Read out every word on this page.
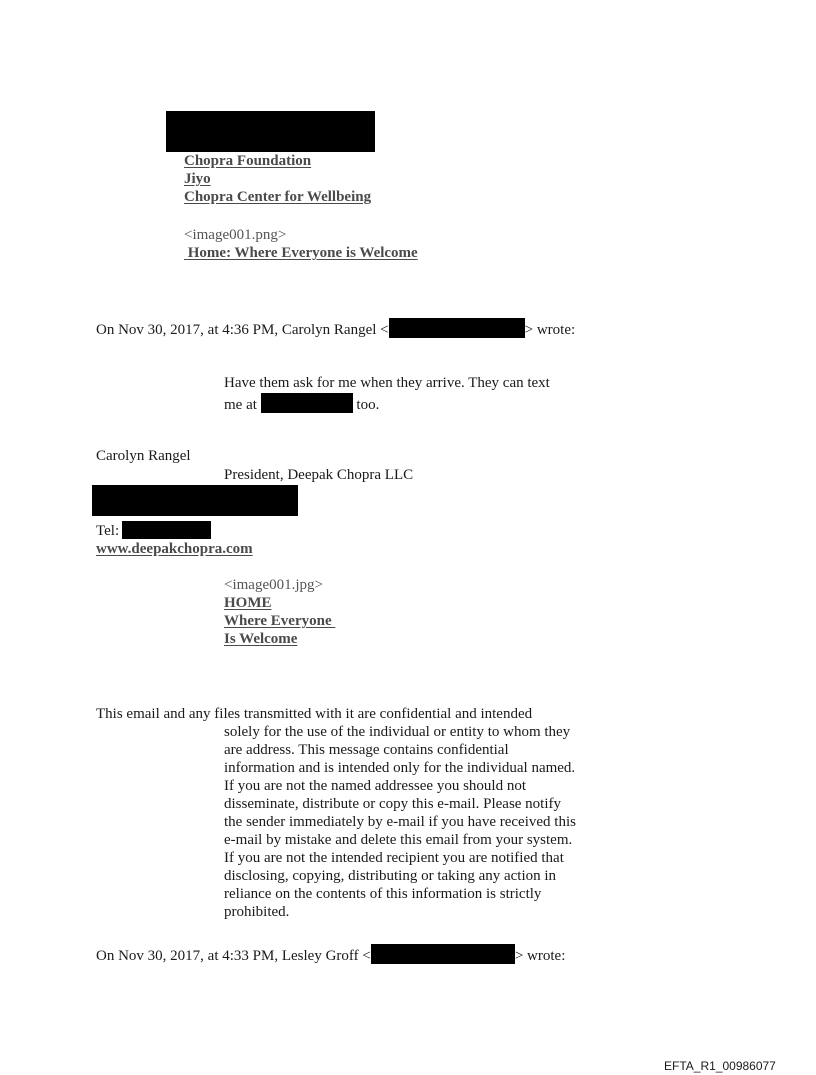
Chopra Foundation
Jiyo
Chopra Center for Wellbeing
<image001.png>
Home: Where Everyone is Welcome
On Nov 30, 2017, at 4:36 PM, Carolyn Rangel <	> wrote:
Have them ask for me when they arrive. They can text
me at	too.
Carolyn Rangel
President, Deepak Chopra LLC
Tel:
www.deepakchopra.com
<image001.jpg>
HOME
Where Everyone
Is Welcome
This email and any files transmitted with it are confidential and intended
solely for the use of the individual or entity to whom they
are address. This message contains confidential
information and is intended only for the individual named.
If you are not the named addressee you should not
disseminate, distribute or copy this e-mail. Please notify
the sender immediately by e-mail if you have received this
e-mail by mistake and delete this email from your system.
If you are not the intended recipient you are notified that
disclosing, copying, distributing or taking any action in
reliance on the contents of this information is strictly
prohibited.
On Nov 30, 2017, at 4:33 PM, Lesley Groff <	> wrote:
EFTA_R1_00986077
